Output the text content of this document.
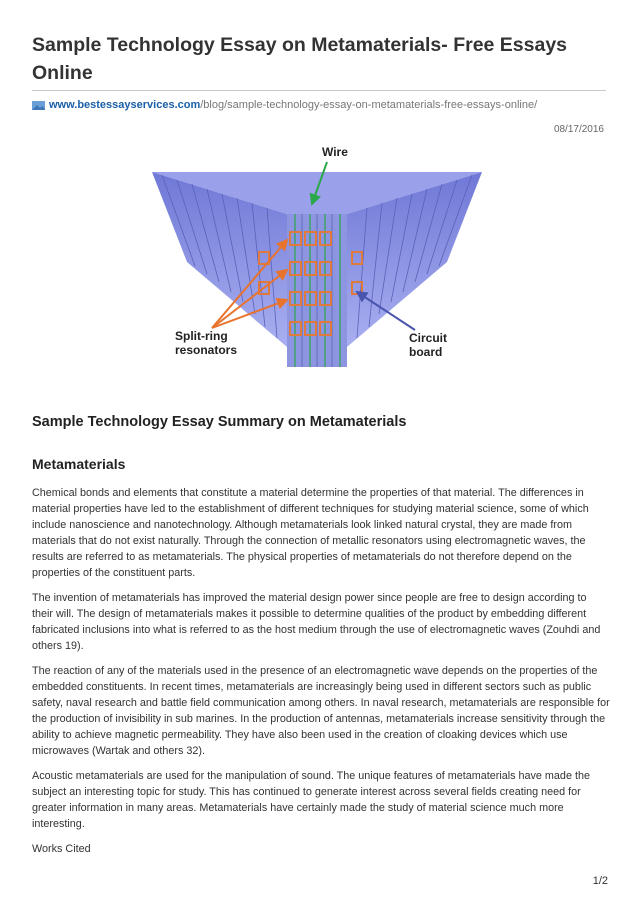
Sample Technology Essay on Metamaterials- Free Essays Online
www.bestessayservices.com /blog/sample-technology-essay-on-metamaterials-free-essays-online/
08/17/2016
Wire
Split-ring
resonators
Circuit
board
Sample Technology Essay Summary on Metamaterials
Metamaterials

Chemical bonds and elements that constitute a material determine the properties of that material. The differences in material properties have led to the establishment of different techniques for studying material science, some of which include nanoscience and nanotechnology. Although metamaterials look linked natural crystal, they are made from materials that do not exist naturally. Through the connection of metallic resonators using electromagnetic waves, the results are referred to as metamaterials. The physical properties of metamaterials do not therefore depend on the properties of the constituent parts.

The invention of metamaterials has improved the material design power since people are free to design according to their will. The design of metamaterials makes it possible to determine qualities of the product by embedding different fabricated inclusions into what is referred to as the host medium through the use of electromagnetic waves (Zouhdi and others 19).

The reaction of any of the materials used in the presence of an electromagnetic wave depends on the properties of the embedded constituents. In recent times, metamaterials are increasingly being used in different sectors such as public safety, naval research and battle field communication among others. In naval research, metamaterials are responsible for the production of invisibility in sub marines. In the production of antennas, metamaterials increase sensitivity through the ability to achieve magnetic permeability. They have also been used in the creation of cloaking devices which use microwaves (Wartak and others 32).

Acoustic metamaterials are used for the manipulation of sound. The unique features of metamaterials have made the subject an interesting topic for study. This has continued to generate interest across several fields creating need for greater information in many areas. Metamaterials have certainly made the study of material science much more interesting.

Works Cited

1/2
